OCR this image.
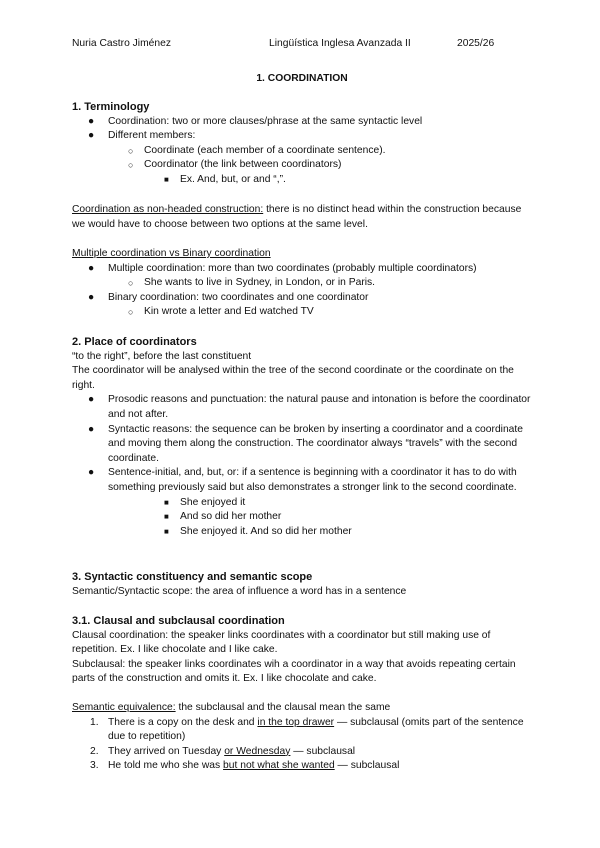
Nuria Castro Jiménez	Lingüística Inglesa Avanzada II	2025/26
1. COORDINATION

1. Terminology

● Coordination: two or more clauses/phrase at the same syntactic level
● Different members:
○ Coordinate (each member of a coordinate sentence).
○ Coordinator (the link between coordinators)
■ Ex. And, but, or and “,”.

Coordination as non-headed construction: there is no distinct head within the construction because we would have to choose between two options at the same level.

Multiple coordination vs Binary coordination

● Multiple coordination: more than two coordinates (probably multiple coordinators)
○ She wants to live in Sydney, in London, or in Paris.
● Binary coordination: two coordinates and one coordinator
○ Kin wrote a letter and Ed watched TV

2. Place of coordinators

“to the right”, before the last constituent

The coordinator will be analysed within the tree of the second coordinate or the coordinate on the right.

● Prosodic reasons and punctuation: the natural pause and intonation is before the coordinator and not after.
● Syntactic reasons: the sequence can be broken by inserting a coordinator and a coordinate and moving them along the construction. The coordinator always “travels” with the second coordinate.
● Sentence-initial, and, but, or: if a sentence is beginning with a coordinator it has to do with something previously said but also demonstrates a stronger link to the second coordinate.
■ She enjoyed it
■ And so did her mother
■ She enjoyed it. And so did her mother

3. Syntactic constituency and semantic scope

Semantic/Syntactic scope: the area of influence a word has in a sentence

3.1. Clausal and subclausal coordination

Clausal coordination: the speaker links coordinates with a coordinator but still making use of repetition. Ex. I like chocolate and I like cake.

Subclausal: the speaker links coordinates wih a coordinator in a way that avoids repeating certain parts of the construction and omits it. Ex. I like chocolate and cake.

Semantic equivalence: the subclausal and the clausal mean the same

1. There is a copy on the desk and in the top drawer — subclausal (omits part of the sentence due to repetition)
2. They arrived on Tuesday or Wednesday — subclausal
3. He told me who she was but not what she wanted — subclausal
